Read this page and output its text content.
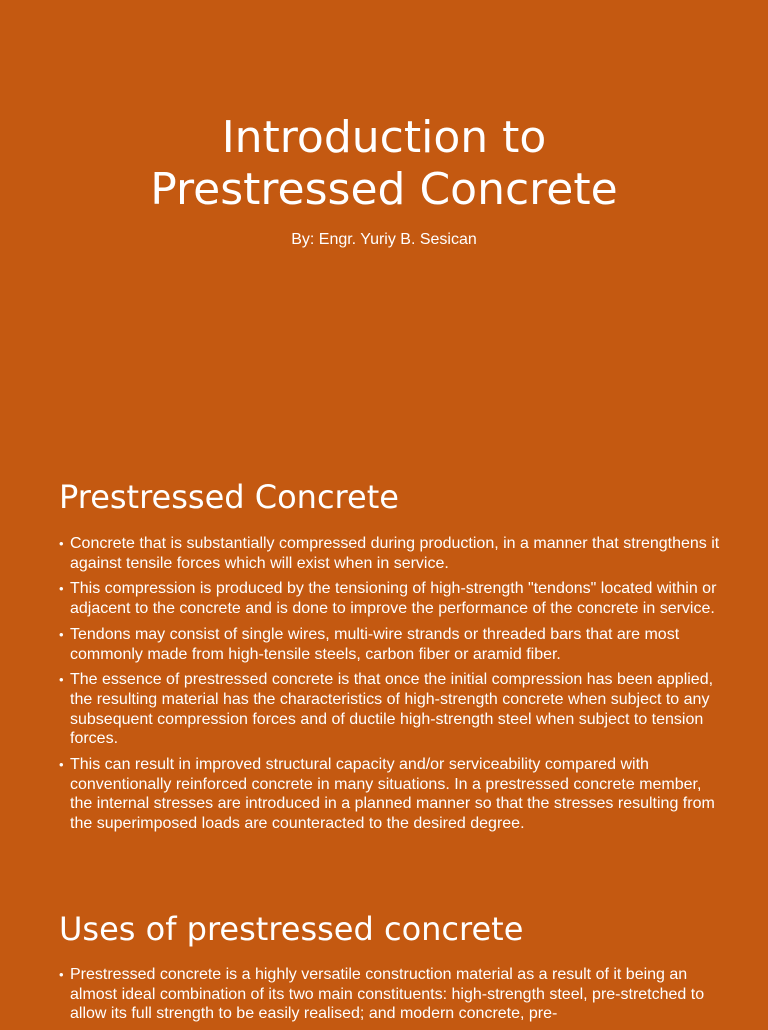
Introduction to
Prestressed Concrete
By: Engr. Yuriy B. Sesican
Prestressed Concrete
• Concrete that is substantially compressed during production, in a manner that strengthens it against tensile forces which will exist when in service.
• This compression is produced by the tensioning of high-strength "tendons" located within or adjacent to the concrete and is done to improve the performance of the concrete in service.
• Tendons may consist of single wires, multi-wire strands or threaded bars that are most commonly made from high-tensile steels, carbon fiber or aramid fiber.
• The essence of prestressed concrete is that once the initial compression has been applied, the resulting material has the characteristics of high-strength concrete when subject to any subsequent compression forces and of ductile high-strength steel when subject to tension forces.
• This can result in improved structural capacity and/or serviceability compared with conventionally reinforced concrete in many situations. In a prestressed concrete member, the internal stresses are introduced in a planned manner so that the stresses resulting from the superimposed loads are counteracted to the desired degree.
Uses of prestressed concrete
• Prestressed concrete is a highly versatile construction material as a result of it being an almost ideal combination of its two main constituents: high-strength steel, pre-stretched to allow its full strength to be easily realised; and modern concrete, pre-
